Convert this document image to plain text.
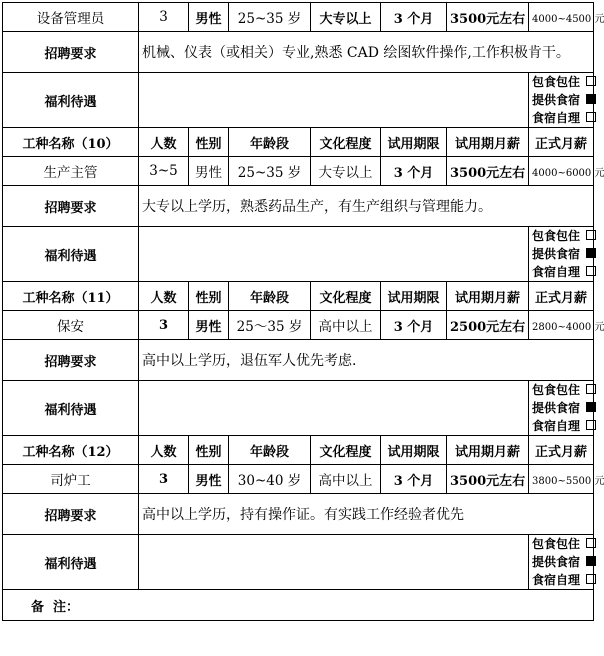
设备管理员	3	男性	25~35 岁	大专以上	3 个月	3500元左右	4000~4500 元
招聘要求	机械、仪表（或相关）专业,熟悉 CAD 绘图软件操作,工作积极肯干。						
福利待遇							包食包住
提供食宿
食宿自理

工种名称（10）	人数	性别	年龄段	文化程度	试用期限	试用期月薪	正式月薪
生产主管	3~5	男性	25~35 岁	大专以上	3 个月	3500元左右	4000~6000 元
招聘要求	大专以上学历，熟悉药品生产，有生产组织与管理能力。						
福利待遇							包食包住
提供食宿
食宿自理

工种名称（11）	人数	性别	年龄段	文化程度	试用期限	试用期月薪	正式月薪
保安	3	男性	25～35 岁	高中以上	3 个月	2500元左右	2800~4000 元
招聘要求	高中以上学历，退伍军人优先考虑.						
福利待遇							包食包住
提供食宿
食宿自理

工种名称（12）	人数	性别	年龄段	文化程度	试用期限	试用期月薪	正式月薪
司炉工	3	男性	30~40 岁	高中以上	3 个月	3500元左右	3800~5500 元
招聘要求	高中以上学历，持有操作证。有实践工作经验者优先						
福利待遇							包食包住
提供食宿
食宿自理

备  注：							
